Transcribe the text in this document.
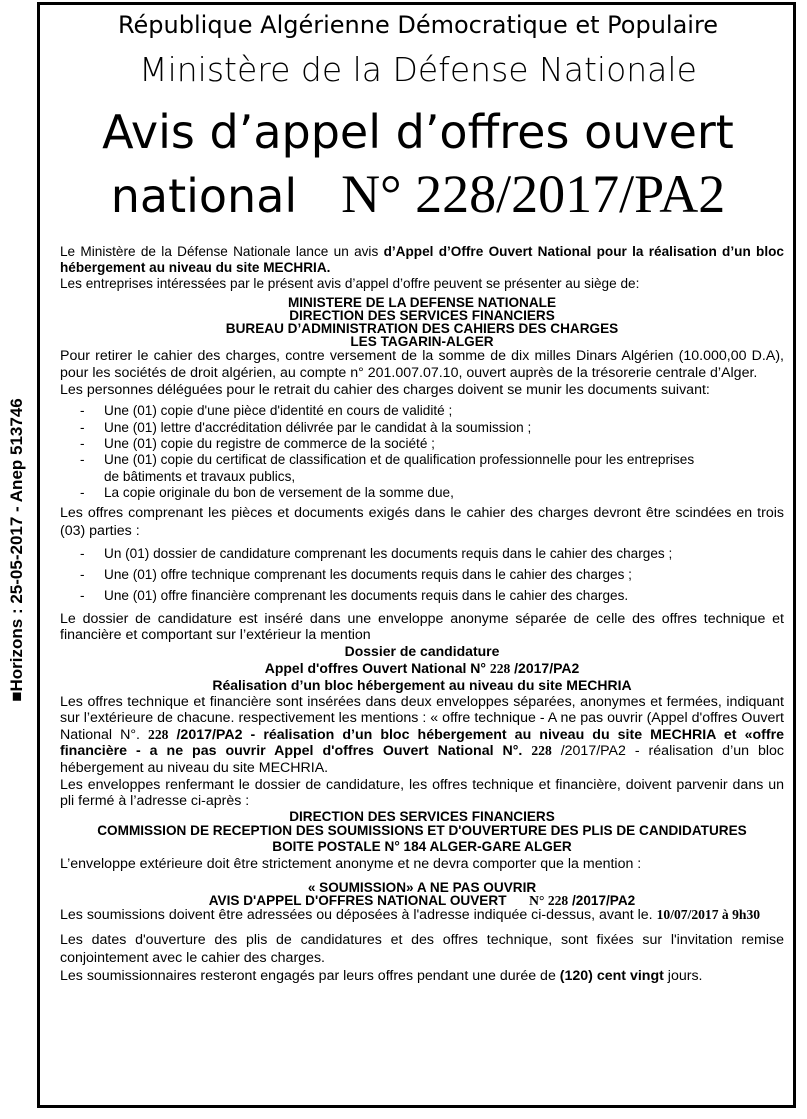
■Horizons : 25-05-2017 - Anep 513746
République Algérienne Démocratique et Populaire
Ministère de la Défense Nationale
Avis d’appel d’offres ouvert
national N° 228/2017/PA2

Le Ministère de la Défense Nationale lance un avis d’Appel d’Offre Ouvert National pour la réalisation d’un bloc hébergement au niveau du site MECHRIA.

Les entreprises intéressées par le présent avis d’appel d’offre peuvent se présenter au siège de:

MINISTERE DE LA DEFENSE NATIONALE

DIRECTION DES SERVICES FINANCIERS

BUREAU D’ADMINISTRATION DES CAHIERS DES CHARGES

LES TAGARIN-ALGER

Pour retirer le cahier des charges, contre versement de la somme de dix milles Dinars Algérien (10.000,00 D.A), pour les sociétés de droit algérien, au compte n° 201.007.07.10, ouvert auprès de la trésorerie centrale d’Alger.

Les personnes déléguées pour le retrait du cahier des charges doivent se munir les documents suivant:

- Une (01) copie d'une pièce d'identité en cours de validité ;
- Une (01) lettre d'accréditation délivrée par le candidat à la soumission ;
- Une (01) copie du registre de commerce de la société ;
- Une (01) copie du certificat de classification et de qualification professionnelle pour les entreprises de bâtiments et travaux publics,
- La copie originale du bon de versement de la somme due,

Les offres comprenant les pièces et documents exigés dans le cahier des charges devront être scindées en trois (03) parties :

- Un (01) dossier de candidature comprenant les documents requis dans le cahier des charges ;
- Une (01) offre technique comprenant les documents requis dans le cahier des charges ;
- Une (01) offre financière comprenant les documents requis dans le cahier des charges.

Le dossier de candidature est inséré dans une enveloppe anonyme séparée de celle des offres technique et financière et comportant sur l’extérieur la mention

Dossier de candidature

Appel d'offres Ouvert National N° 228 /2017/PA2

Réalisation d’un bloc hébergement au niveau du site MECHRIA

Les offres technique et financière sont insérées dans deux enveloppes séparées, anonymes et fermées, indiquant sur l’extérieure de chacune. respectivement les mentions : « offre technique - A ne pas ouvrir (Appel d'offres Ouvert National N°. 228 /2017/PA2 - réalisation d’un bloc hébergement au niveau du site MECHRIA et «offre financière - a ne pas ouvrir Appel d'offres Ouvert National N°. 228 /2017/PA2 - réalisation d’un bloc hébergement au niveau du site MECHRIA.

Les enveloppes renfermant le dossier de candidature, les offres technique et financière, doivent parvenir dans un pli fermé à l’adresse ci-après :

DIRECTION DES SERVICES FINANCIERS

COMMISSION DE RECEPTION DES SOUMISSIONS ET D'OUVERTURE DES PLIS DE CANDIDATURES

BOITE POSTALE N° 184 ALGER-GARE ALGER

L’enveloppe extérieure doit être strictement anonyme et ne devra comporter que la mention :

« SOUMISSION» A NE PAS OUVRIR

AVIS D'APPEL D'OFFRES NATIONAL OUVERT N° 228 /2017/PA2

Les soumissions doivent être adressées ou déposées à l'adresse indiquée ci-dessus, avant le. 10/07/2017 à 9h30

Les dates d'ouverture des plis de candidatures et des offres technique, sont fixées sur l'invitation remise conjointement avec le cahier des charges.

Les soumissionnaires resteront engagés par leurs offres pendant une durée de (120) cent vingt jours.
